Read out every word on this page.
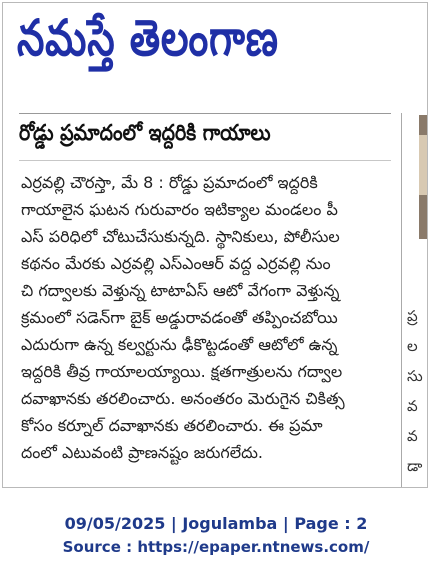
నమస్తే తెలంగాణ
రోడ్డు ప్రమాదంలో ఇద్దరికి గాయాలు
ఎర్రవల్లి చౌరస్తా, మే 8 : రోడ్డు ప్రమాదంలో ఇద్దరికి
గాయాలైన ఘటన గురువారం ఇటిక్యాల మండలం పీ
ఎస్ పరిధిలో చోటుచేసుకున్నది. స్థానికులు, పోలీసుల
కథనం మేరకు ఎర్రవల్లి ఎస్‌ఎంఆర్ వద్ద ఎర్రవల్లి నుం
చి గద్వాలకు వెళ్తున్న టాటాఏస్ ఆటో వేగంగా వెళ్తున్న
క్రమంలో సడెన్‌గా బైక్ అడ్డురావడంతో తప్పించబోయి
ఎదురుగా ఉన్న కల్వర్టును ఢీకొట్టడంతో ఆటోలో ఉన్న
ఇద్దరికి తీవ్ర గాయాలయ్యాయి. క్షతగాత్రులను గద్వాల
దవాఖానకు తరలించారు. అనంతరం మెరుగైన చికిత్స
కోసం కర్నూల్ దవాఖానకు తరలించారు. ఈ ప్రమా
దంలో ఎటువంటి ప్రాణనష్టం జరుగలేదు.
ప్ర
ల
సు
వ
వ
డా
09/05/2025 | Jogulamba | Page : 2
Source : https://epaper.ntnews.com/
